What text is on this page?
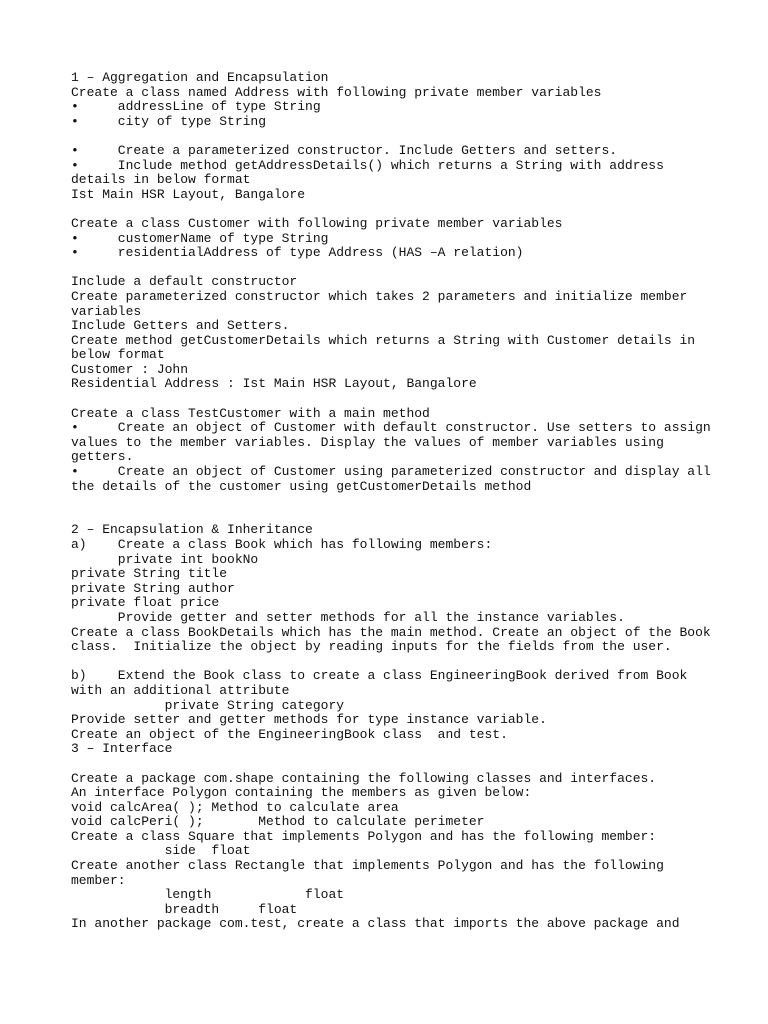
1 – Aggregation and Encapsulation
Create a class named Address with following private member variables
•     addressLine of type String
•     city of type String
•     Create a parameterized constructor. Include Getters and setters.
•     Include method getAddressDetails() which returns a String with address
details in below format
Ist Main HSR Layout, Bangalore
Create a class Customer with following private member variables
•     customerName of type String
•     residentialAddress of type Address (HAS –A relation)
Include a default constructor
Create parameterized constructor which takes 2 parameters and initialize member
variables
Include Getters and Setters.
Create method getCustomerDetails which returns a String with Customer details in
below format
Customer : John
Residential Address : Ist Main HSR Layout, Bangalore
Create a class TestCustomer with a main method
•     Create an object of Customer with default constructor. Use setters to assign
values to the member variables. Display the values of member variables using
getters.
•     Create an object of Customer using parameterized constructor and display all
the details of the customer using getCustomerDetails method
2 – Encapsulation & Inheritance
a)    Create a class Book which has following members:
private int bookNo
private String title
private String author
private float price
Provide getter and setter methods for all the instance variables.
Create a class BookDetails which has the main method. Create an object of the Book
class.  Initialize the object by reading inputs for the fields from the user.
b)    Extend the Book class to create a class EngineeringBook derived from Book
with an additional attribute
private String category
Provide setter and getter methods for type instance variable.
Create an object of the EngineeringBook class  and test.
3 – Interface
Create a package com.shape containing the following classes and interfaces.
An interface Polygon containing the members as given below:
void calcArea( ); Method to calculate area
void calcPeri( );       Method to calculate perimeter
Create a class Square that implements Polygon and has the following member:
side  float
Create another class Rectangle that implements Polygon and has the following
member:
length            float
breadth     float
In another package com.test, create a class that imports the above package and
